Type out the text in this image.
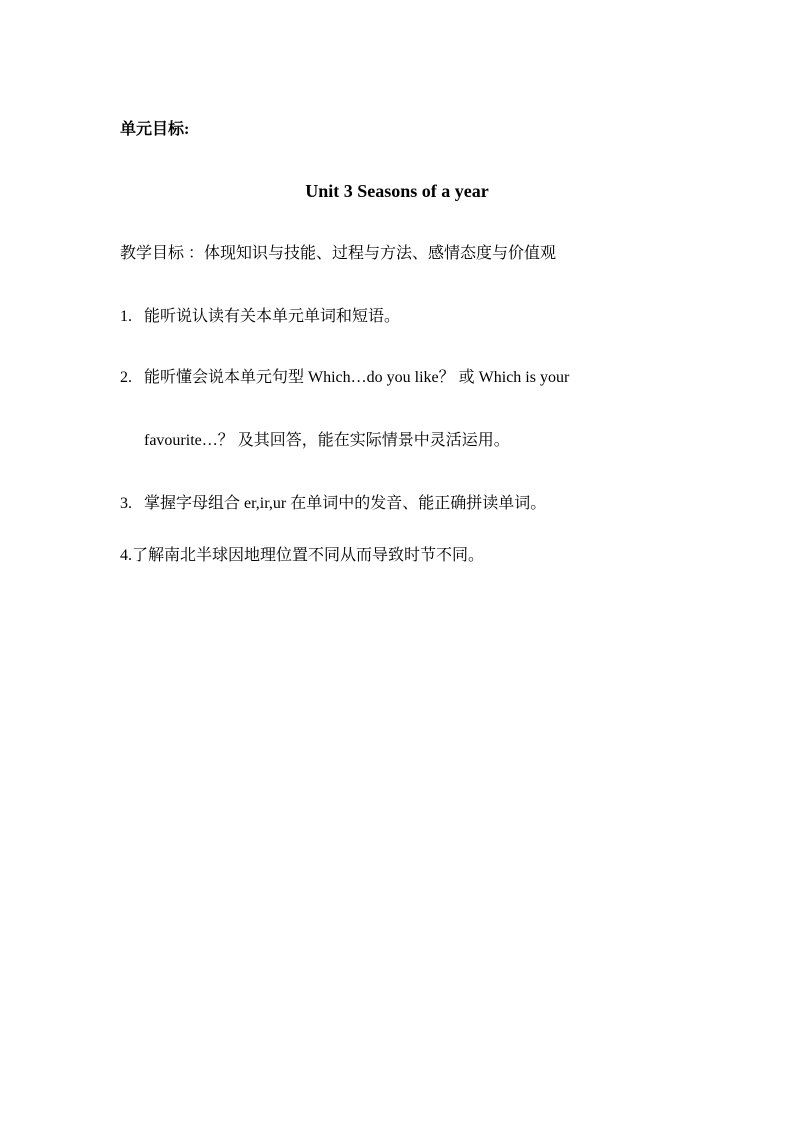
单元目标:
Unit 3 Seasons of a year
教学目标 ：体现知识与技能、过程与方法、感情态度与价值观
1. 能听说认读有关本单元单词和短语。
2. 能听懂会说本单元句型 Which…do you like？ 或 Which is your
favourite…？ 及其回答，能在实际情景中灵活运用。
3. 掌握字母组合 er,ir,ur 在单词中的发音、能正确拼读单词。
4.了解南北半球因地理位置不同从而导致时节不同。
